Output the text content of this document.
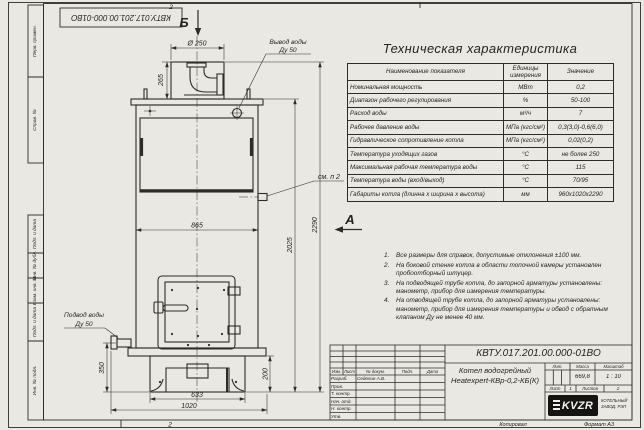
2
2
Перв. примен.
Справ. №
Подп. и дата
Инв. № дубл.
Взам. инв. №
Подп. и дата
Инв. № подл.
КВТУ.017.201.00.000-01ВО
Ø 250
265
865
2025
2290
350
200
633
1020
Вывод воды
Ду 50
Подвод воды
Ду 50
см. п 2
Б
А
Техническая характеристика
Наименование показателя	Единицы измерения	Значение
Номинальная мощность	МВт	0,2
Диапазон рабочего регулирования	%	50-100
Расход воды	м³/ч	7
Рабочее давление воды	МПа (кгс/см²)	0,3(3,0)-0,6(6,0)
Гидравлическое сопротивление котла	МПа (кгс/см²)	0,02(0,2)
Температура уходящих газов	°С	не более 250
Максимальная рабочая температура воды	°С	115
Температура воды (вход/выход)	°С	70/95
Габариты котла (длинна х ширина х высота)	мм	960х1020х2290
Все размеры для справок, допустимые отклонения ±100 мм.
На боковой стенке котла в области топочной камеры установлен пробоотборный штуцер.
На подводящей трубе котла, до запорной арматуры установлены: манометр, прибор для измерения температуры.
На отводящей трубе котла, до запорной арматуры установлены: манометр, прибор для измерения температуры и обвод с обратным клапаном Ду не менее 40 мм.
КВТУ.017.201.00.000-01ВО
Котел водогрейный
Heatexpert-КВр-0,2-КБ(К)
Изм. Лист	№ докум.	Подп.	Дата
Разраб.
Пров.
Т. контр.
Нач. отд.
Н. контр.
Утв.
Седелин А.В.
Лит.	Масса	Масштаб
669,8	1 : 10
Лист	1	Листов	2
KVZR КОТЕЛЬНЫЙ
ЗАВОД. РЭП
Копировал	Формат А3
